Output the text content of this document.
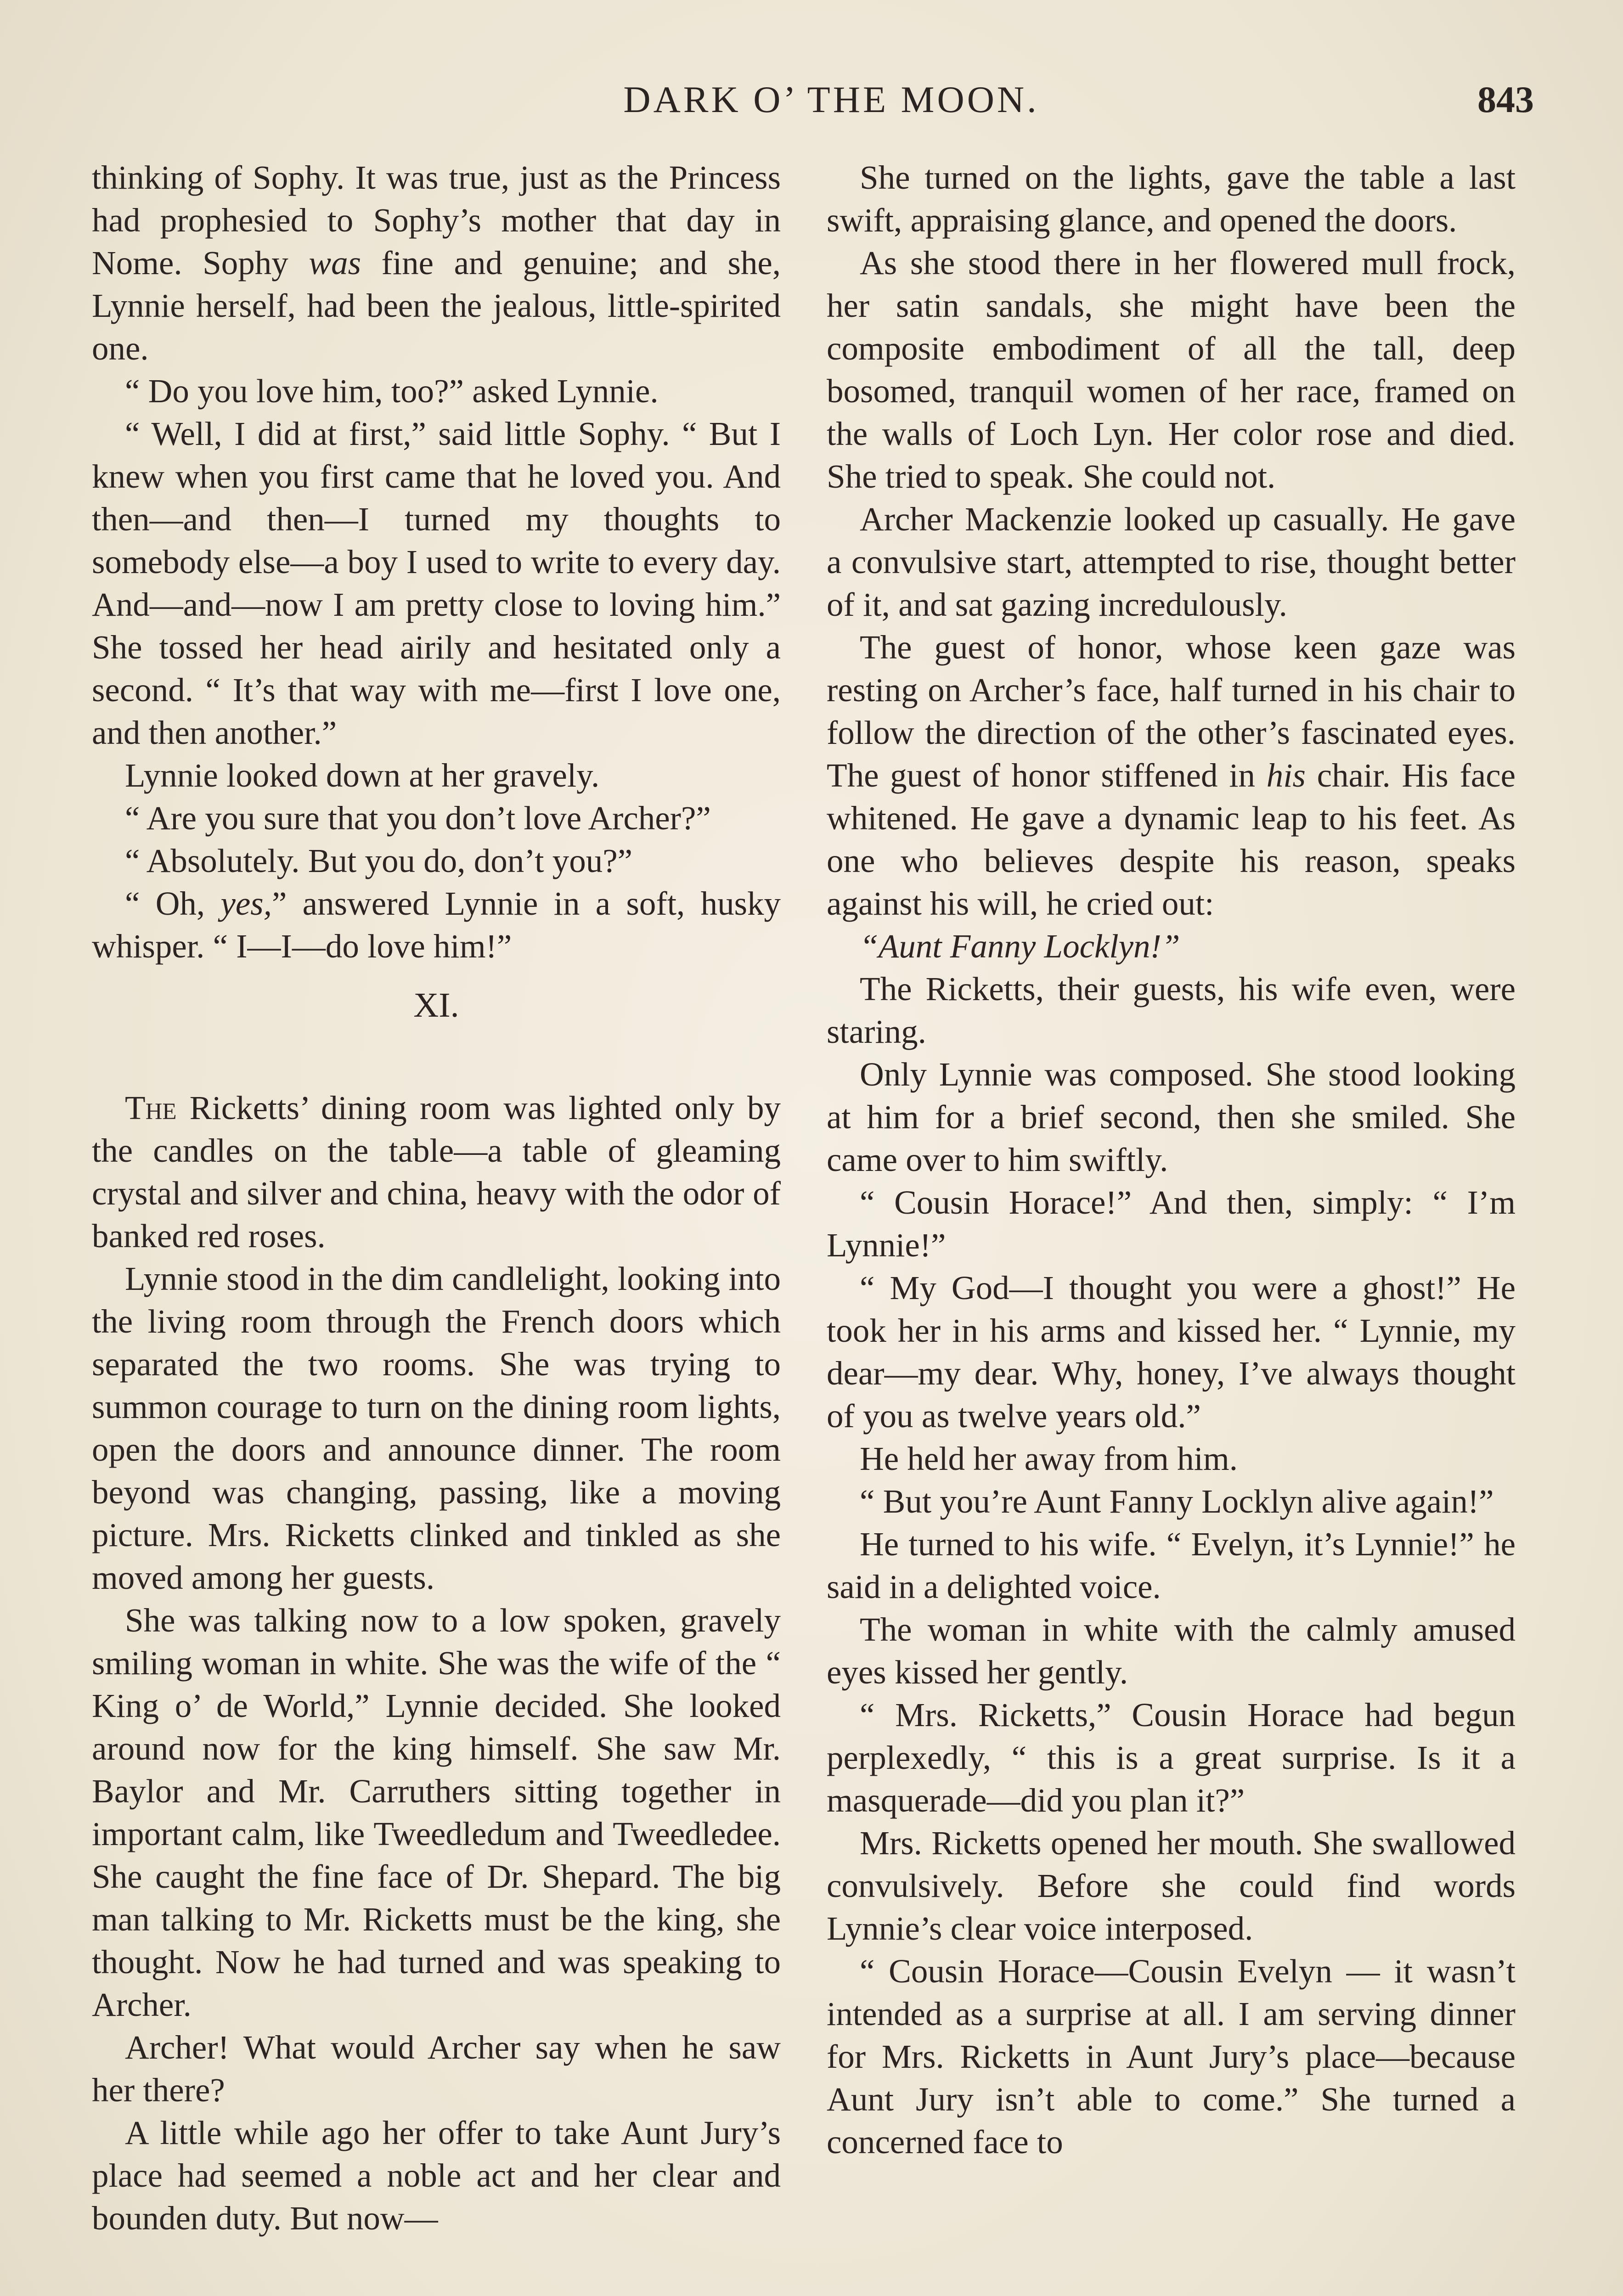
DARK O’ THE MOON.	843

thinking of Sophy. It was true, just as the Princess had prophesied to Sophy’s mother that day in Nome. Sophy was fine and genuine; and she, Lynnie herself, had been the jealous, little-spirited one.

“ Do you love him, too?” asked Lynnie.

“ Well, I did at first,” said little Sophy. “ But I knew when you first came that he loved you. And then—and then—I turned my thoughts to somebody else—a boy I used to write to every day. And—and—now I am pretty close to loving him.” She tossed her head airily and hesitated only a second. “ It’s that way with me—first I love one, and then another.”

Lynnie looked down at her gravely.

“ Are you sure that you don’t love Archer?”

“ Absolutely. But you do, don’t you?”

“ Oh, yes,” answered Lynnie in a soft, husky whisper. “ I—I—do love him!”

XI.

The Ricketts’ dining room was lighted only by the candles on the table—a table of gleaming crystal and silver and china, heavy with the odor of banked red roses.

Lynnie stood in the dim candlelight, looking into the living room through the French doors which separated the two rooms. She was trying to summon courage to turn on the dining room lights, open the doors and announce dinner. The room beyond was changing, passing, like a moving picture. Mrs. Ricketts clinked and tinkled as she moved among her guests.

She was talking now to a low spoken, gravely smiling woman in white. She was the wife of the “ King o’ de World,” Lynnie decided. She looked around now for the king himself. She saw Mr. Baylor and Mr. Carruthers sitting together in important calm, like Tweedledum and Tweedledee. She caught the fine face of Dr. Shepard. The big man talking to Mr. Ricketts must be the king, she thought. Now he had turned and was speaking to Archer.

Archer! What would Archer say when he saw her there?

A little while ago her offer to take Aunt Jury’s place had seemed a noble act and her clear and bounden duty. But now—

She turned on the lights, gave the table a last swift, appraising glance, and opened the doors.

As she stood there in her flowered mull frock, her satin sandals, she might have been the composite embodiment of all the tall, deep bosomed, tranquil women of her race, framed on the walls of Loch Lyn. Her color rose and died. She tried to speak. She could not.

Archer Mackenzie looked up casually. He gave a convulsive start, attempted to rise, thought better of it, and sat gazing incredulously.

The guest of honor, whose keen gaze was resting on Archer’s face, half turned in his chair to follow the direction of the other’s fascinated eyes. The guest of honor stiffened in his chair. His face whitened. He gave a dynamic leap to his feet. As one who believes despite his reason, speaks against his will, he cried out:

“Aunt Fanny Locklyn!”

The Ricketts, their guests, his wife even, were staring.

Only Lynnie was composed. She stood looking at him for a brief second, then she smiled. She came over to him swiftly.

“ Cousin Horace!” And then, simply: “ I’m Lynnie!”

“ My God—I thought you were a ghost!” He took her in his arms and kissed her. “ Lynnie, my dear—my dear. Why, honey, I’ve always thought of you as twelve years old.”

He held her away from him.

“ But you’re Aunt Fanny Locklyn alive again!”

He turned to his wife. “ Evelyn, it’s Lynnie!” he said in a delighted voice.

The woman in white with the calmly amused eyes kissed her gently.

“ Mrs. Ricketts,” Cousin Horace had begun perplexedly, “ this is a great surprise. Is it a masquerade—did you plan it?”

Mrs. Ricketts opened her mouth. She swallowed convulsively. Before she could find words Lynnie’s clear voice interposed.

“ Cousin Horace—Cousin Evelyn — it wasn’t intended as a surprise at all. I am serving dinner for Mrs. Ricketts in Aunt Jury’s place—because Aunt Jury isn’t able to come.” She turned a concerned face to
